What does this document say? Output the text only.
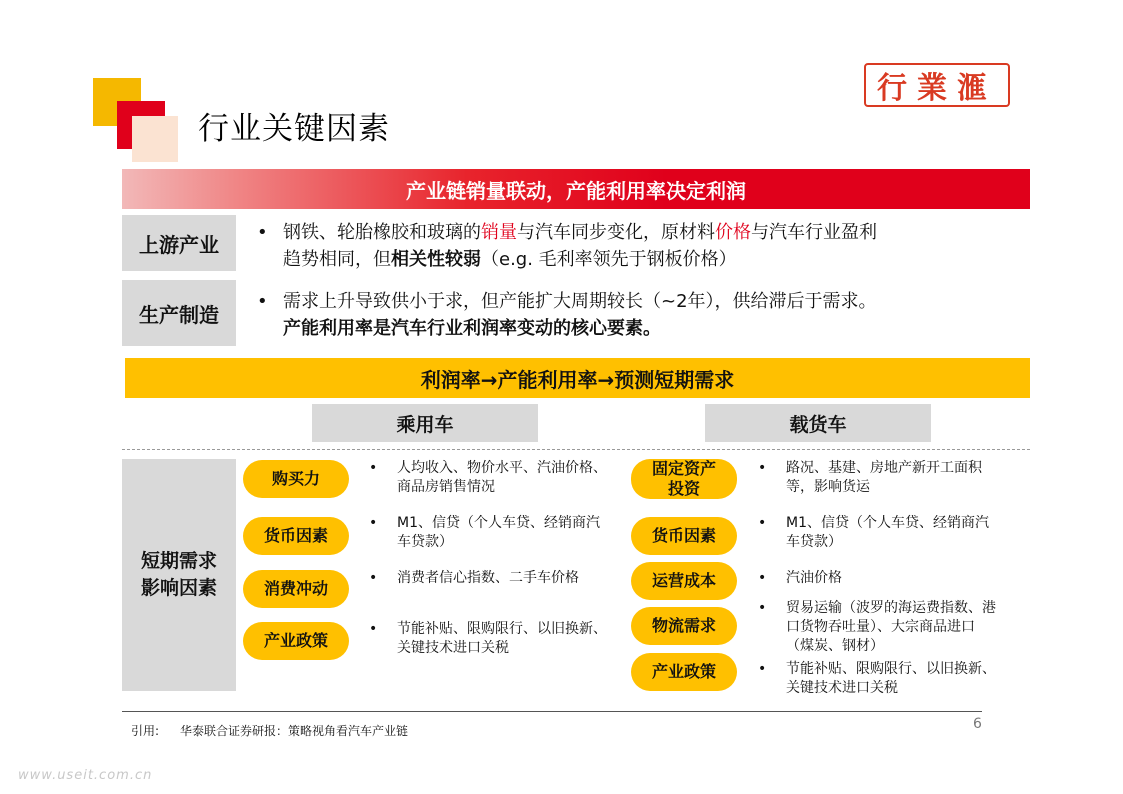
行业关键因素
行業滙
产业链销量联动，产能利用率决定利润
上游产业	• 钢铁、轮胎橡胶和玻璃的销量与汽车同步变化，原材料价格与汽车行业盈利
趋势相同，但相关性较弱（e.g. 毛利率领先于钢板价格）
生产制造
• 需求上升导致供小于求，但产能扩大周期较长（~2年），供给滞后于需求。
产能利用率是汽车行业利润率变动的核心要素。
利润率→产能利用率→预测短期需求
乘用车	载货车
短期需求
影响因素
购买力
• 人均收入、物价水平、汽油价格、商品房销售情况
货币因素
• M1、信贷（个人车贷、经销商汽车贷款）
消费冲动
• 消费者信心指数、二手车价格
产业政策
• 节能补贴、限购限行、以旧换新、关键技术进口关税
固定资产投资
• 路况、基建、房地产新开工面积等，影响货运
货币因素
• M1、信贷（个人车贷、经销商汽车贷款）
运营成本	• 汽油价格
物流需求
• 贸易运输（波罗的海运费指数、港口货物吞吐量）、大宗商品进口（煤炭、钢材）
产业政策	• 节能补贴、限购限行、以旧换新、关键技术进口关税
引用: 华泰联合证券研报：策略视角看汽车产业链	6
www.useit.com.cn
